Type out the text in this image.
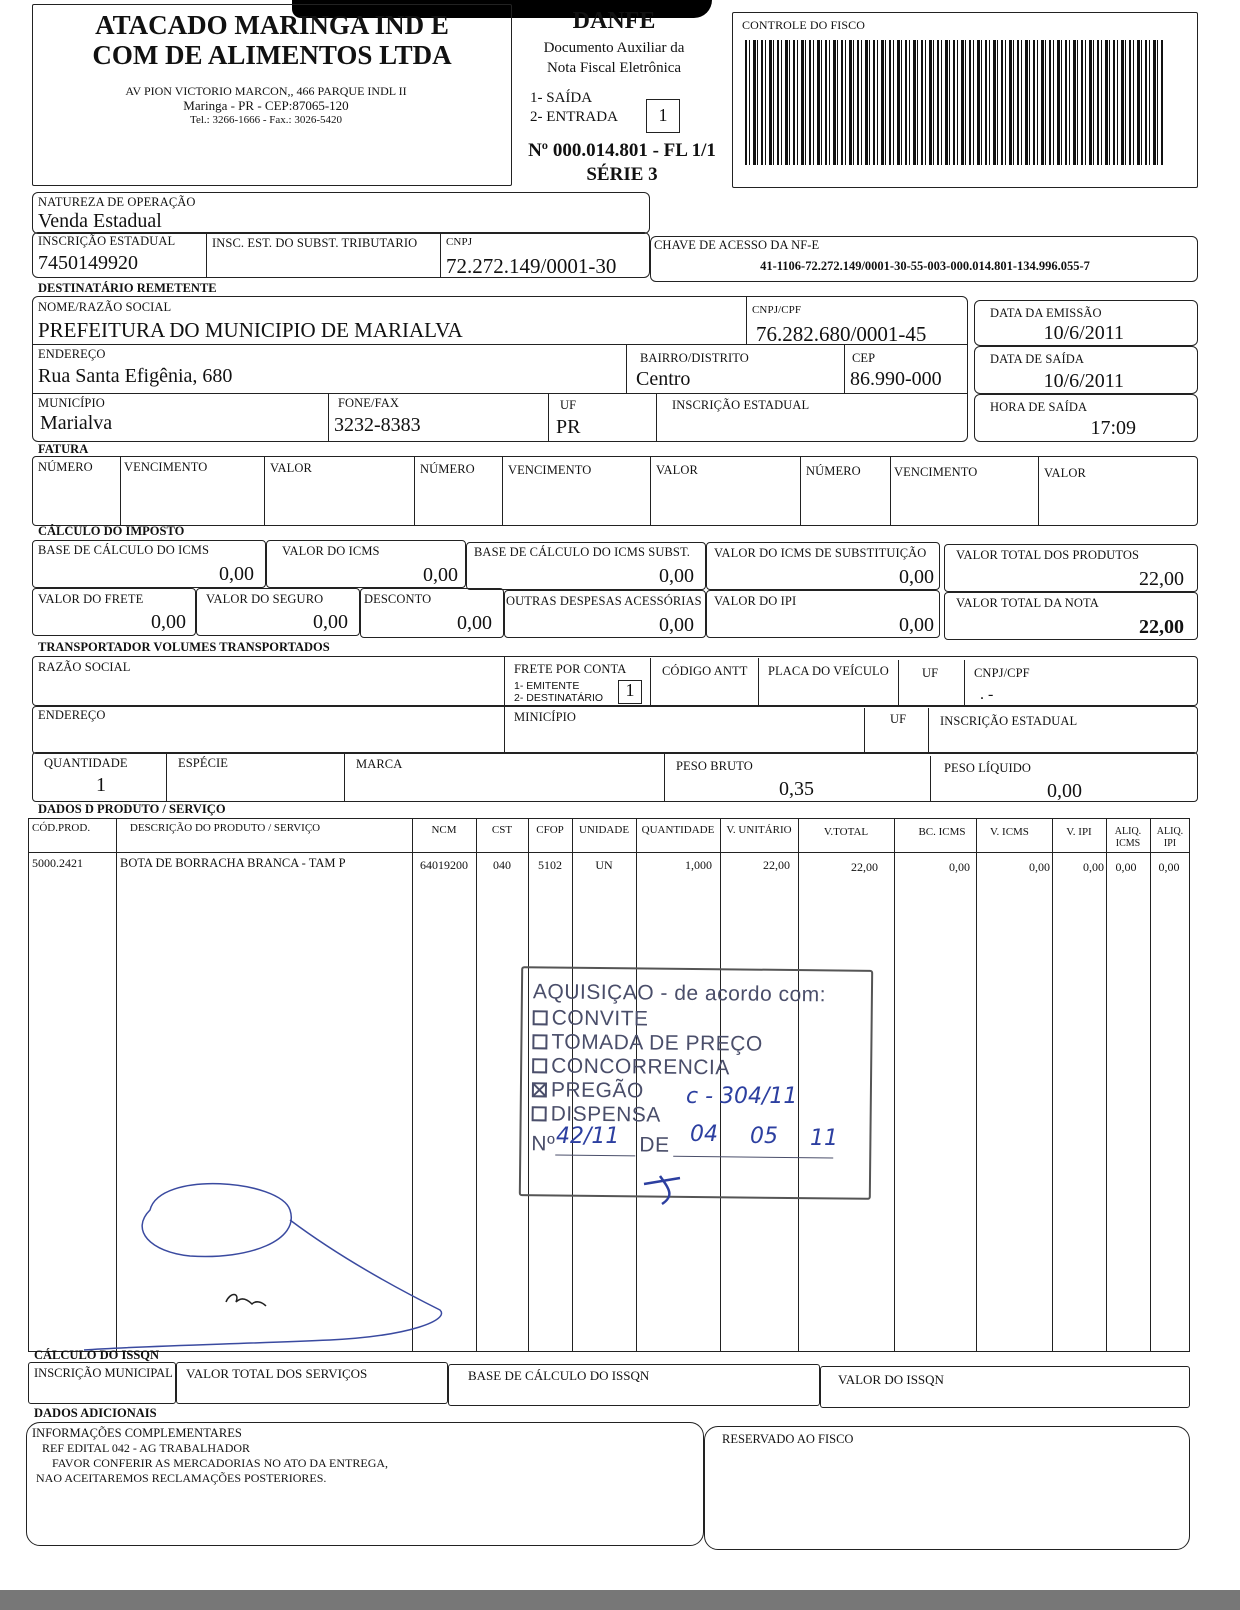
ATACADO MARINGA IND E
COM DE ALIMENTOS LTDA
AV PION VICTORIO MARCON,, 466 PARQUE INDL II
Maringa - PR - CEP:87065-120
Tel.: 3266-1666 - Fax.: 3026-5420
DANFE
Documento Auxiliar da
Nota Fiscal Eletrônica
1- SAÍDA
2- ENTRADA	1
Nº 000.014.801 - FL 1/1
SÉRIE 3
CONTROLE DO FISCO
NATUREZA DE OPERAÇÃO
Venda Estadual
INSCRIÇÃO ESTADUAL
7450149920
INSC. EST. DO SUBST. TRIBUTARIO	CNPJ
72.272.149/0001-30
CHAVE DE ACESSO DA NF-E
41-1106-72.272.149/0001-30-55-003-000.014.801-134.996.055-7
DESTINATÁRIO REMETENTE
NOME/RAZÃO SOCIAL
PREFEITURA DO MUNICIPIO DE MARIALVA
CNPJ/CPF
76.282.680/0001-45
ENDEREÇO
Rua Santa Efigênia, 680
BAIRRO/DISTRITO
Centro
CEP
86.990-000
MUNICÍPIO
Marialva
FONE/FAX
3232-8383
UF
PR
INSCRIÇÃO ESTADUAL
DATA DA EMISSÃO
10/6/2011
DATA DE SAÍDA
10/6/2011
HORA DE SAÍDA
17:09
FATURA
NÚMERO VENCIMENTO	VALOR	NÚMERO	VENCIMENTO	VALOR	NÚMERO	VENCIMENTO	VALOR
CÁLCULO DO IMPOSTO
BASE DE CÁLCULO DO ICMS
0,00
VALOR DO ICMS
0,00
BASE DE CÁLCULO DO ICMS SUBST.
0,00
VALOR DO ICMS DE SUBSTITUIÇÃO
0,00
VALOR TOTAL DOS PRODUTOS
22,00
VALOR DO FRETE
0,00
VALOR DO SEGURO
0,00
DESCONTO
0,00
OUTRAS DESPESAS ACESSÓRIAS
0,00
VALOR DO IPI
0,00
VALOR TOTAL DA NOTA
22,00
TRANSPORTADOR VOLUMES TRANSPORTADOS
RAZÃO SOCIAL	FRETE POR CONTA
1- EMITENTE
2- DESTINATÁRIO	1
CÓDIGO ANTT PLACA DO VEÍCULO	UF	CNPJ/CPF
. -
ENDEREÇO	MINICÍPIO	UF	INSCRIÇÃO ESTADUAL
QUANTIDADE
1
ESPÉCIE	MARCA	PESO BRUTO
0,35
PESO LÍQUIDO
0,00
DADOS D PRODUTO / SERVIÇO
CÓD.PROD.	DESCRIÇÃO DO PRODUTO / SERVIÇO	NCM	CST	CFOP	UNIDADE	QUANTIDADE	V. UNITÁRIO	V.TOTAL	BC. ICMS	V. ICMS	V. IPI	ALIQ.
ICMS
ALIQ.
IPI
5000.2421	BOTA DE BORRACHA BRANCA - TAM P	64019200	040	5102	UN	1,000	22,00	22,00	0,00	0,00	0,00 0,00	0,00
AQUISIÇAO - de acordo com:
CONVITE
TOMADA DE PREÇO
CONCORRENCIA
PREGÃO
DISPENSA
Nº	DE
c - 304/11
42/11	04 05 11
CÁLCULO DO ISSQN
INSCRIÇÃO MUNICIPAL VALOR TOTAL DOS SERVIÇOS	BASE DE CÁLCULO DO ISSQN	VALOR DO ISSQN
DADOS ADICIONAIS
INFORMAÇÕES COMPLEMENTARES
REF EDITAL 042 - AG TRABALHADOR
FAVOR CONFERIR AS MERCADORIAS NO ATO DA ENTREGA,
NAO ACEITAREMOS RECLAMAÇÕES POSTERIORES.
RESERVADO AO FISCO
